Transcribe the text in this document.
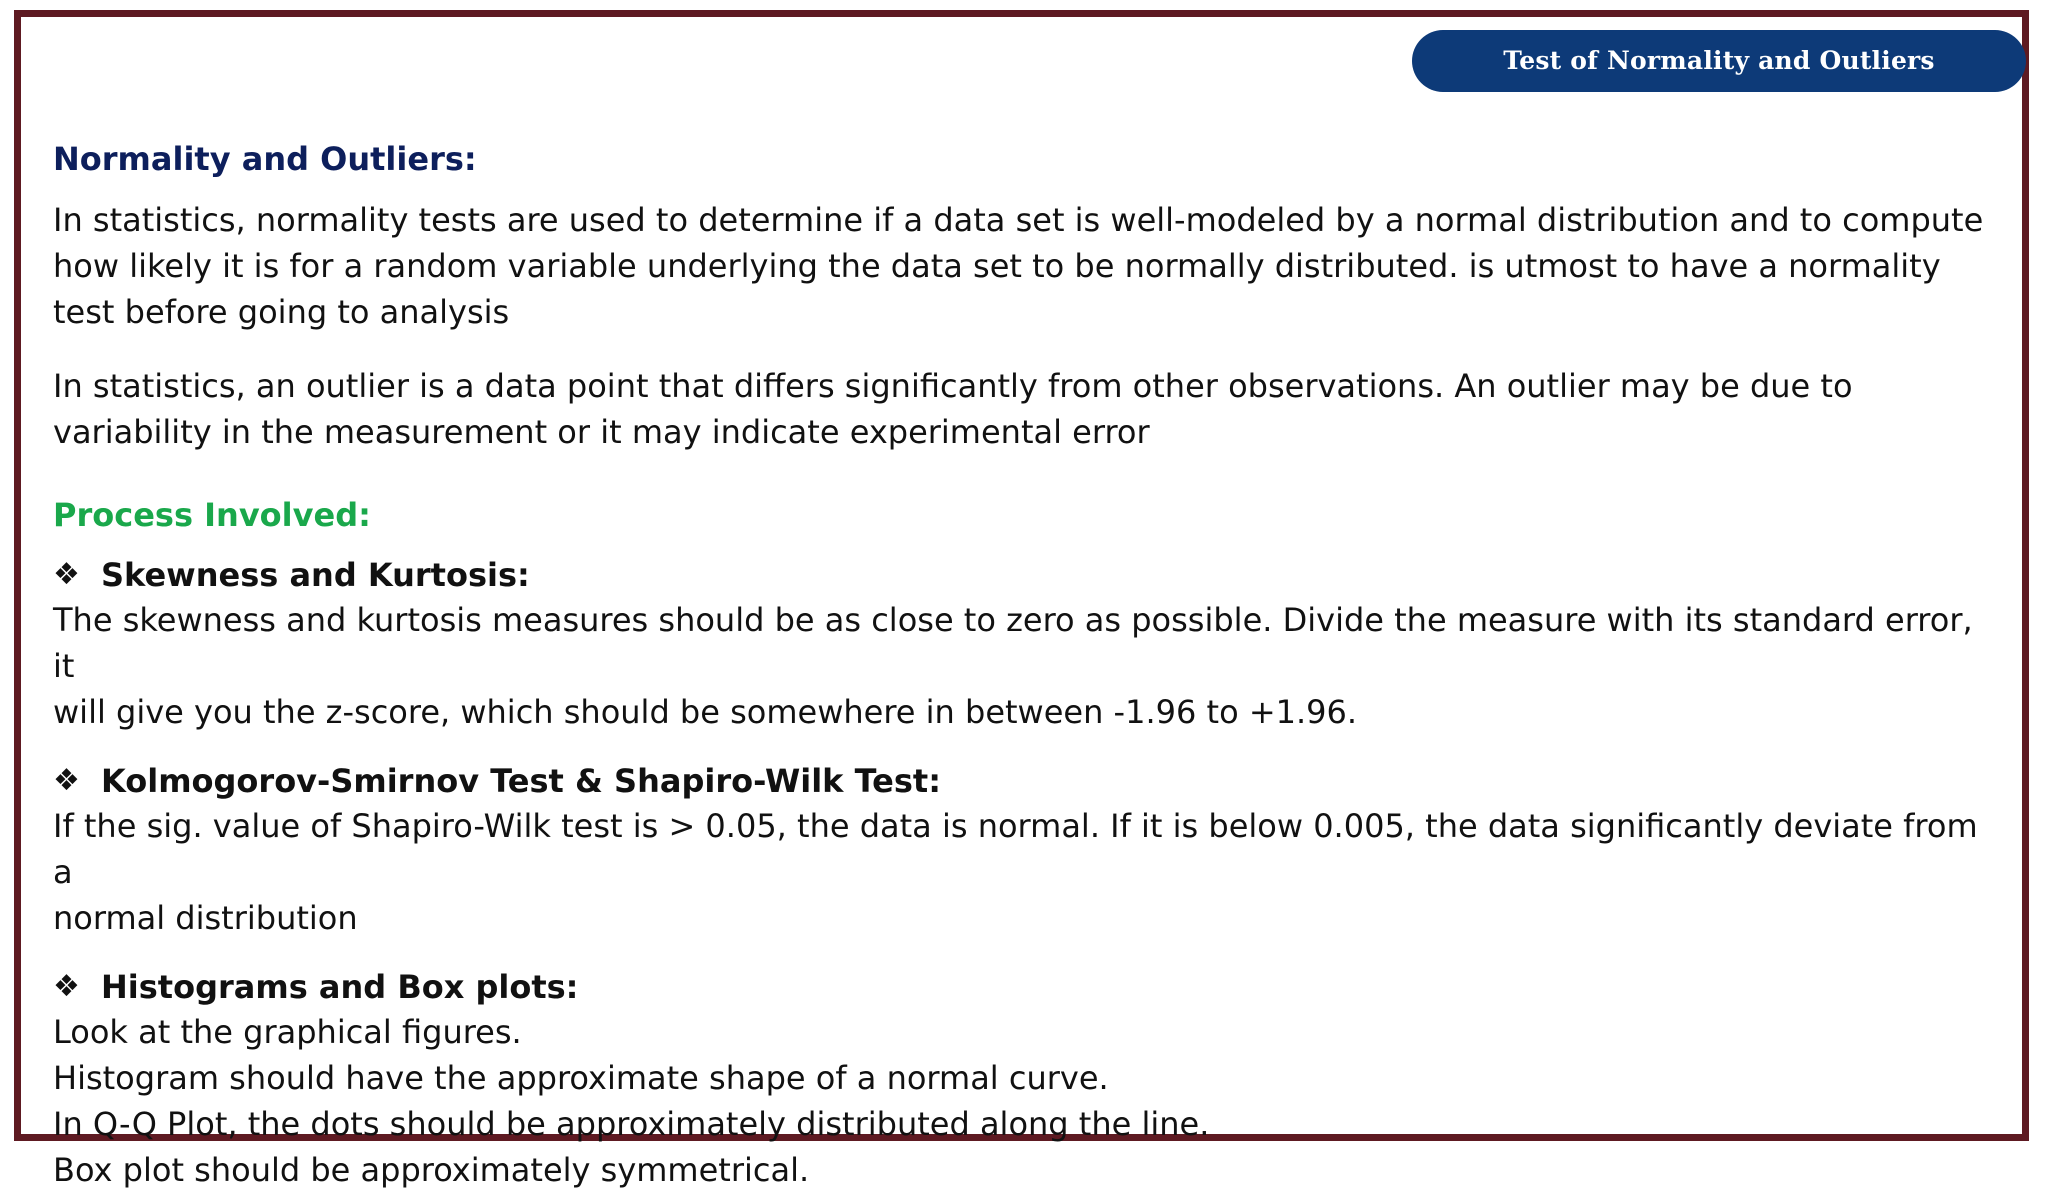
Test of Normality and Outliers
Normality and Outliers:

In statistics, normality tests are used to determine if a data set is well-modeled by a normal distribution and to compute
how likely it is for a random variable underlying the data set to be normally distributed. is utmost to have a normality
test before going to analysis

In statistics, an outlier is a data point that differs significantly from other observations. An outlier may be due to
variability in the measurement or it may indicate experimental error

Process Involved:
❖ Skewness and Kurtosis:

The skewness and kurtosis measures should be as close to zero as possible. Divide the measure with its standard error, it
will give you the z-score, which should be somewhere in between -1.96 to +1.96.

❖ Kolmogorov-Smirnov Test & Shapiro-Wilk Test:

If the sig. value of Shapiro-Wilk test is > 0.05, the data is normal. If it is below 0.005, the data significantly deviate from a
normal distribution

❖ Histograms and Box plots:

Look at the graphical figures.
Histogram should have the approximate shape of a normal curve.
In Q-Q Plot, the dots should be approximately distributed along the line.
Box plot should be approximately symmetrical.
